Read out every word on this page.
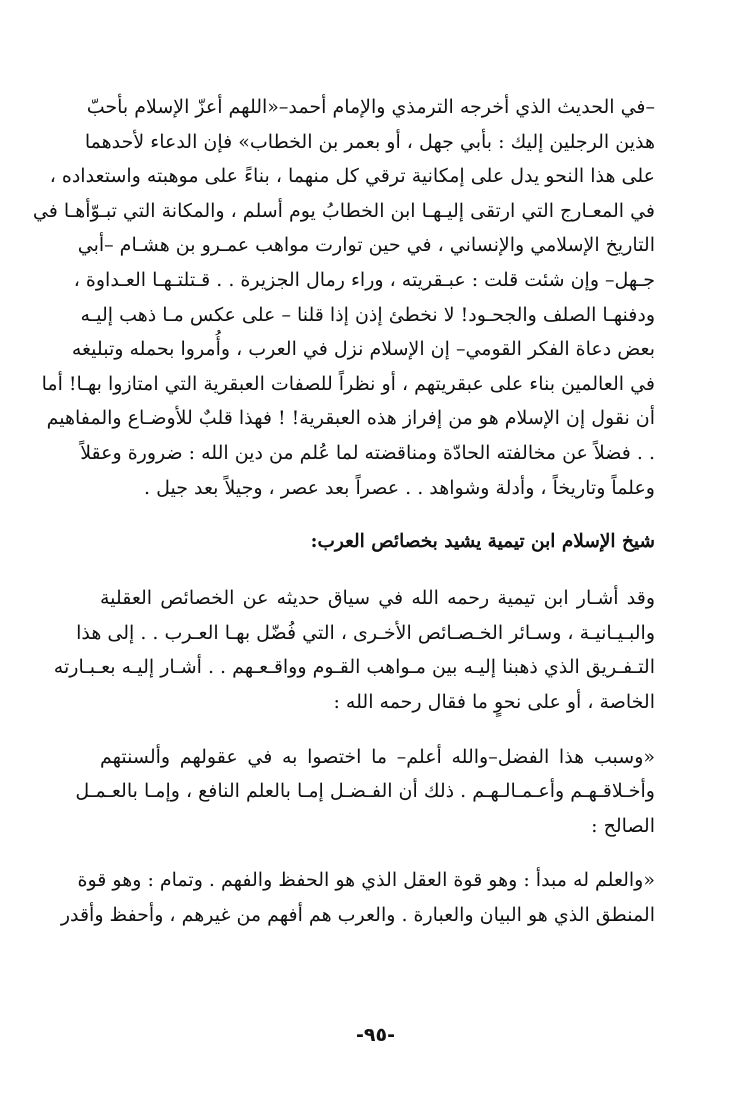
–في الحديث الذي أخرجه الترمذي والإمام أحمد–«اللهم أعزّ الإسلام بأحبّ
هذين الرجلين إليك : بأبي جهل ، أو بعمر بن الخطاب» فإن الدعاء لأحدهما
على هذا النحو يدل على إمكانية ترقي كل منهما ، بناءً على موهبته واستعداده ،
في المعـارج التي ارتقى إليـهـا ابن الخطابُ يوم أسلم ، والمكانة التي تبـوّأهـا في
التاريخ الإسلامي والإنساني ، في حين توارت مواهب عمـرو بن هشـام –أبي
جـهل– وإن شئت قلت : عبـقريته ، وراء رمال الجزيرة . . قـتلتـهـا العـداوة ،
ودفنهـا الصلف والجحـود! لا نخطئ إذن إذا قلنا – على عكس مـا ذهب إليـه
بعض دعاة الفكر القومي– إن الإسلام نزل في العرب ، وأُمروا بحمله وتبليغه
في العالمين بناء على عبقريتهم ، أو نظراً للصفات العبقرية التي امتازوا بهـا! أما
أن نقول إن الإسلام هو من إفراز هذه العبقرية! ! فهذا قلبٌ للأوضـاع والمفاهيم
. . فضلاً عن مخالفته الحادّة ومناقضته لما عُلم من دين الله : ضرورة وعقلاً
وعلماً وتاريخاً ، وأدلة وشواهد . . عصراً بعد عصر ، وجيلاً بعد جيل .
شيخ الإسلام ابن تيمية يشيد بخصائص العرب:
وقد أشـار ابن تيمية رحمه الله في سياق حديثه عن الخصائص العقلية
والبـيـانيـة ، وسـائر الخـصـائص الأخـرى ، التي فُضّل بهـا العـرب . . إلى هذا
التـفـريق الذي ذهبنا إليـه بين مـواهب القـوم وواقـعـهم . . أشـار إليـه بعـبـارته
الخاصة ، أو على نحوٍ ما فقال رحمه الله :
«وسبب هذا الفضل–والله أعلم– ما اختصوا به في عقولهم وألسنتهم
وأخـلاقـهـم وأعـمـالـهـم . ذلك أن الفـضـل إمـا بالعلم النافع ، وإمـا بالعـمـل
الصالح :
«والعلم له مبدأ : وهو قوة العقل الذي هو الحفظ والفهم . وتمام : وهو قوة
المنطق الذي هو البيان والعبارة . والعرب هم أفهم من غيرهم ، وأحفظ وأقدر
-٩٥-
